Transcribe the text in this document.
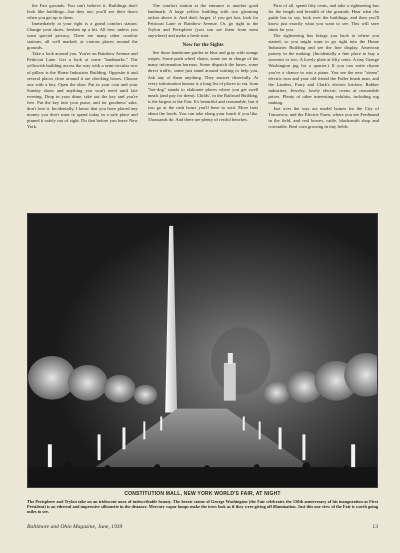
the Fair grounds. You can't believe it. Buildings don't look like buildings—but they are; you'll see their doors when you get up to them.

Immediately at your right is a grand comfort station. Change your shoes, freshen up a bit. All free, unless you want special privacy. There are many other comfort stations, all well marked, at various places around the grounds.

Take a look around you. You're on Rainbow Avenue and Petticoat Lane. Get a look at some "landmarks." The yellowish building across the way with a semi-circular row of pillars is the Home Industries Building. Opposite it and several places close around it are checking boxes. Choose one with a key. Open the door. Put in your coat and your Sunday shoes and anything you won't need until late evening. Drop in your dime, take out the key and you're free. Put the key into your purse, and for goodness' sake, don't lose it. Incidentally, I know that you have placed any money you don't want to spend today in a safe place and pinned it safely out of sight. Do that before you leave New York.

The comfort station at the entrance is another good landmark. A large yellow building with two gleaming arches above it. And don't forget, if you get lost, look for Petticoat Lane or Rainbow Avenue. Or, go right to the Trylon and Perisphere (you can see them from most anywhere) and make a fresh start.

Now for the Sights

See those handsome guides in blue and gray with orange stripes. Some push wheel chairs, some are in charge of the many information bureaus. Some dispatch the buses, some direct traffic, some just stand around waiting to help you. Ask any of them anything. They answer cheerfully. At every information bureau is a long list of places to eat, from "hot-dog" stands to elaborate places where you get swell meals (and pay for them). Childs', in the Railroad Building, is the largest at the Fair. It's beautiful and reasonable, but if you go at the rush hours you'll have to wait. More later about the foods. You can take along your lunch if you like. Thousands do. And there are plenty of restful benches.

First of all, spend fifty cents, and take a sightseeing bus for the length and breadth of the grounds. Hear what the guide has to say, look over the buildings, and then you'll know just exactly what you want to see. This will save times for you.

The sightseeing bus brings you back to where you started, so you might want to go right into the Home Industries Building and see the fine display. American pottery in the making. (Incidentally a fine place to buy a souvenir or two. A lovely plate at fifty cents. A tiny George Washington jug for a quarter.) If you can write rhyme you've a chance to win a piano. You see the new "steam" electric iron and your old friend the Fuller brush man, and the Landers, Frary and Clark's electric kitchen. Rubber industries, Jewelry, lovely electric ovens at reasonable prices. Plenty of other interesting exhibits, including rug making.

Just over the way are model homes for the City of Tomorrow, and the Electric Farm, where you see Ferdinand in the field, and real horses, cattle, blacksmith shop and cowstable. Real corn growing in tiny fields.

CONSTITUTION MALL, NEW YORK WORLD'S FAIR, AT NIGHT
The Perisphere and Trylon take on an iridescent aura of indescribable beauty. The heroic statue of George Washington (the Fair celebrates the 150th anniversary of his inauguration as First President) is an ethereal and impressive silhouette in the distance. Mercury vapor lamps make the trees look as if they were giving off illumination. Just this one view of the Fair is worth going miles to see.
Baltimore and Ohio Magazine, June, 1939	13
